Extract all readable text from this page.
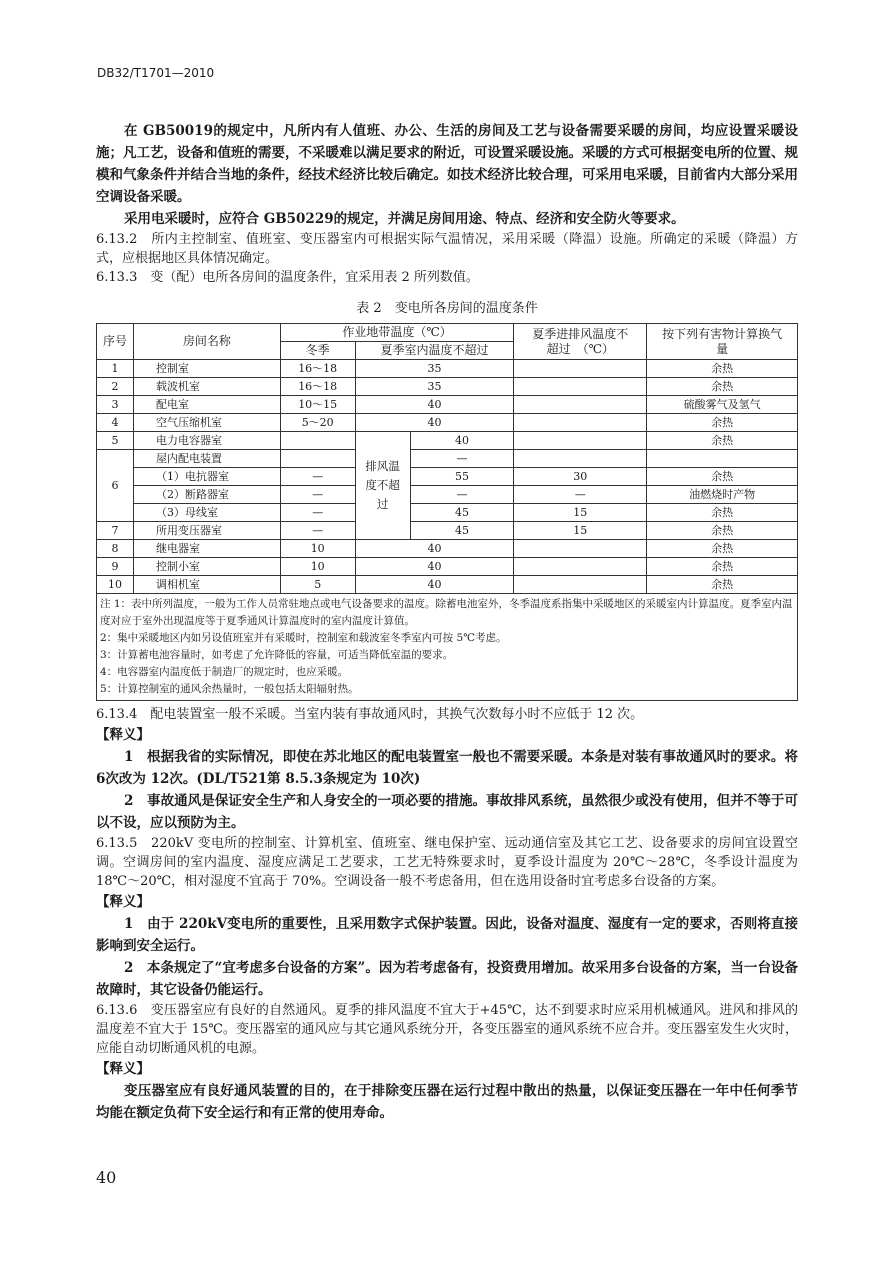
DB32/T1701—2010

在 GB50019的规定中，凡所内有人值班、办公、生活的房间及工艺与设备需要采暖的房间，均应设置采暖设施；凡工艺，设备和值班的需要，不采暖难以满足要求的附近，可设置采暖设施。采暖的方式可根据变电所的位置、规模和气象条件并结合当地的条件，经技术经济比较后确定。如技术经济比较合理，可采用电采暖，目前省内大部分采用空调设备采暖。

采用电采暖时，应符合 GB50229的规定，并满足房间用途、特点、经济和安全防火等要求。

6.13.2　所内主控制室、值班室、变压器室内可根据实际气温情况，采用采暖（降温）设施。所确定的采暖（降温）方式，应根据地区具体情况确定。

6.13.3　变（配）电所各房间的温度条件，宜采用表 2 所列数值。

表 2　变电所各房间的温度条件
序号	房间名称	作业地带温度（℃）			夏季进排风温度不超过　（℃）	按下列有害物计算换气量
		冬季	夏季室内温度不超过			
1	控制室	16～18	35			余热
2	载波机室	16～18	35			余热
3	配电室	10～15	40			硫酸雾气及氢气
4	空气压缩机室	5～20	40			余热
5	电力电容器室		排风温度不超过	40		余热
6	屋内配电装置			—		
	（1）电抗器室	—		55	30	余热
	（2）断路器室	—		—	—	油燃烧时产物
	（3）母线室	—		45	15	余热
7	所用变压器室	—		45	15	余热
8	继电器室	10	40			余热
9	控制小室	10	40			余热
10	调相机室	5	40			余热

注 1：表中所列温度，一般为工作人员常驻地点或电气设备要求的温度。除蓄电池室外，冬季温度系指集中采暖地区的采暖室内计算温度。夏季室内温度对应于室外出现温度等于夏季通风计算温度时的室内温度计算值。
2：集中采暖地区内如另设值班室并有采暖时，控制室和载波室冬季室内可按 5℃考虑。
3：计算蓄电池容量时，如考虑了允许降低的容量，可适当降低室温的要求。
4：电容器室内温度低于制造厂的规定时，也应采暖。
5：计算控制室的通风余热量时，一般包括太阳辐射热。						

6.13.4　配电装置室一般不采暖。当室内装有事故通风时，其换气次数每小时不应低于 12 次。

【释义】

1　根据我省的实际情况，即使在苏北地区的配电装置室一般也不需要采暖。本条是对装有事故通风时的要求。将 6次改为 12次。(DL/T521第 8.5.3条规定为 10次)

2　事故通风是保证安全生产和人身安全的一项必要的措施。事故排风系统，虽然很少或没有使用，但并不等于可以不设，应以预防为主。

6.13.5　220kV 变电所的控制室、计算机室、值班室、继电保护室、远动通信室及其它工艺、设备要求的房间宜设置空调。空调房间的室内温度、湿度应满足工艺要求，工艺无特殊要求时，夏季设计温度为 20℃～28℃，冬季设计温度为 18℃～20℃，相对湿度不宜高于 70%。空调设备一般不考虑备用，但在选用设备时宜考虑多台设备的方案。

【释义】

1　由于 220kV变电所的重要性，且采用数字式保护装置。因此，设备对温度、湿度有一定的要求，否则将直接影响到安全运行。

2　本条规定了“宜考虑多台设备的方案”。因为若考虑备有，投资费用增加。故采用多台设备的方案，当一台设备故障时，其它设备仍能运行。

6.13.6　变压器室应有良好的自然通风。夏季的排风温度不宜大于+45℃，达不到要求时应采用机械通风。进风和排风的温度差不宜大于 15℃。变压器室的通风应与其它通风系统分开，各变压器室的通风系统不应合并。变压器室发生火灾时，应能自动切断通风机的电源。

【释义】

变压器室应有良好通风装置的目的，在于排除变压器在运行过程中散出的热量，以保证变压器在一年中任何季节均能在额定负荷下安全运行和有正常的使用寿命。

40
